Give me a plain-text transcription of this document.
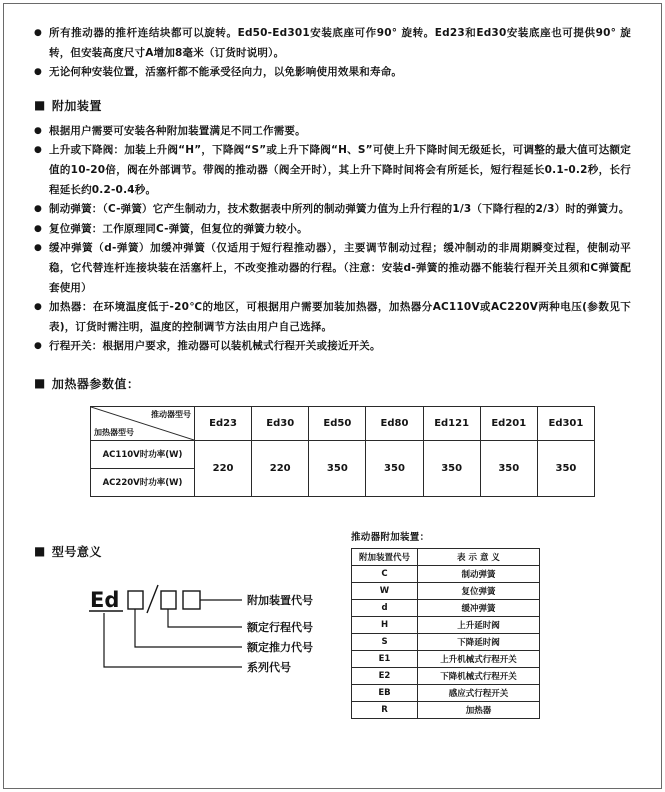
● 所有推动器的推杆连结块都可以旋转。Ed50-Ed301安装底座可作90° 旋转。Ed23和Ed30安装底座也可提供90° 旋转，但安装高度尺寸A增加8毫米（订货时说明）。
● 无论何种安装位置，活塞杆都不能承受径向力，以免影响使用效果和寿命。
■ 附加装置
● 根据用户需要可安装各种附加装置满足不同工作需要。
● 上升或下降阀：加装上升阀“H”，下降阀“S”或上升下降阀“H、S”可使上升下降时间无级延长，可调整的最大值可达额定值的10-20倍，阀在外部调节。带阀的推动器（阀全开时），其上升下降时间将会有所延长，短行程延长0.1-0.2秒，长行程延长约0.2-0.4秒。
● 制动弹簧：（C-弹簧）它产生制动力，技术数据表中所列的制动弹簧力值为上升行程的1/3（下降行程的2/3）时的弹簧力。
● 复位弹簧：工作原理同C-弹簧，但复位的弹簧力较小。
● 缓冲弹簧（d-弹簧）加缓冲弹簧（仅适用于短行程推动器），主要调节制动过程；缓冲制动的非周期瞬变过程，使制动平稳，它代替连杆连接块装在活塞杆上，不改变推动器的行程。（注意：安装d-弹簧的推动器不能装行程开关且须和C弹簧配套使用）
● 加热器：在环境温度低于-20℃的地区，可根据用户需要加装加热器，加热器分AC110V或AC220V两种电压(参数见下表)，订货时需注明，温度的控制调节方法由用户自己选择。
● 行程开关：根据用户要求，推动器可以装机械式行程开关或接近开关。
■ 加热器参数值：
推动器型号
加热器型号	Ed23	Ed30	Ed50	Ed80	Ed121	Ed201	Ed301
AC110V时功率(W)	220	220	350	350	350	350	350
AC220V时功率(W)							
■ 型号意义
Ed	附加装置代号
额定行程代号
额定推力代号
系列代号
推动器附加装置：
附加装置代号	表 示 意 义
C	制动弹簧
W	复位弹簧
d	缓冲弹簧
H	上升延时阀
S	下降延时阀
E1	上升机械式行程开关
E2	下降机械式行程开关
EB	感应式行程开关
R	加热器
